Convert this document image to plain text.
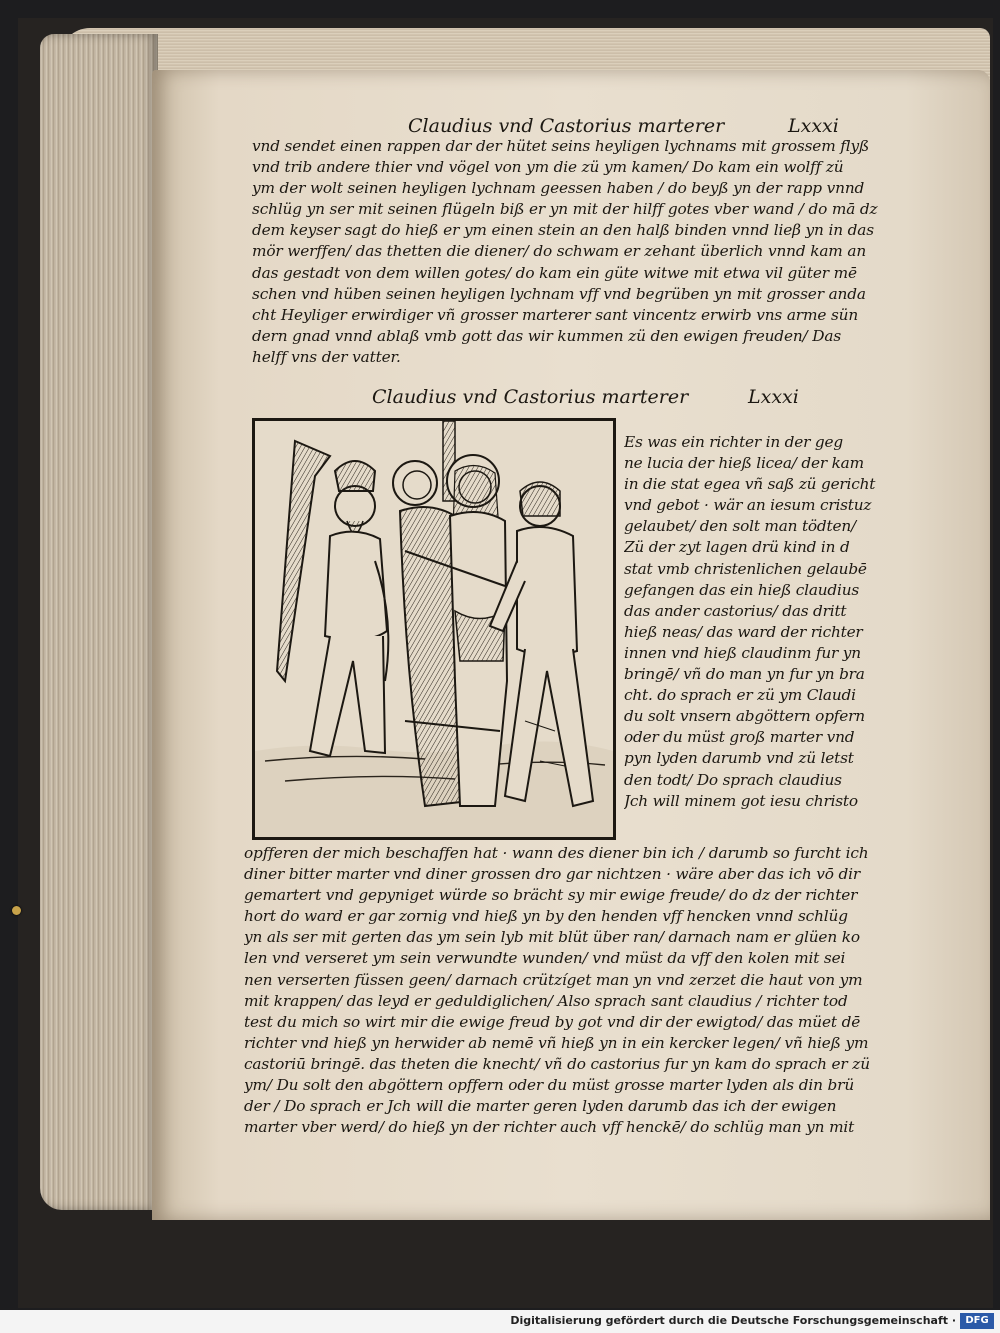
Claudius vnd Castorius marterer	Lxxxi
vnd sendet einen rappen dar der hütet seins heyligen lychnams mit grossem flyß
vnd trib andere thier vnd vögel von ym die zü ym kamen/ Do kam ein wolff zü
ym der wolt seinen heyligen lychnam geessen haben / do beyß yn der rapp vnnd
schlüg yn ser mit seinen flügeln biß er yn mit der hilff gotes vber wand / do mā dz
dem keyser sagt do hieß er ym einen stein an den halß binden vnnd lieβ yn in das
mör werffen/ das thetten die diener/ do schwam er zehant überlich vnnd kam an
das gestadt von dem willen gotes/ do kam ein güte witwe mit etwa vil güter mē
schen vnd hüben seinen heyligen lychnam vff vnd begrüben yn mit grosser anda
cht Heyliger erwirdiger vñ grosser marterer sant vincentz erwirb vns arme sün
dern gnad vnnd ablaß vmb gott das wir kummen zü den ewigen freuden/ Das
helff vns der vatter.
Claudius vnd Castorius marterer	Lxxxi
Es was ein richter in der geg
ne lucia der hieß licea/ der kam
in die stat egea vñ saß zü gericht
vnd gebot · wär an iesum cristuz
gelaubet/ den solt man tödten/
Zü der zyt lagen drü kind in d
stat vmb christenlichen gelaubē
gefangen das ein hieß claudius
das ander castorius/ das dritt
hieß neas/ das ward der richter
innen vnd hieß claudinm fur yn
bringē/ vñ do man yn fur yn bra
cht. do sprach er zü ym Claudi
du solt vnsern abgöttern opfern
oder du müst groß marter vnd
pyn lyden darumb vnd zü letst
den todt/ Do sprach claudius
Jch will minem got iesu christo
opfferen der mich beschaffen hat · wann des diener bin ich / darumb so furcht ich
diner bitter marter vnd diner grossen dro gar nichtzen · wäre aber das ich vō dir
gemartert vnd gepyniget würde so brächt sy mir ewige freude/ do dz der richter
hort do ward er gar zornig vnd hieß yn by den henden vff hencken vnnd schlüg
yn als ser mit gerten das ym sein lyb mit blüt über ran/ darnach nam er glüen ko
len vnd verseret ym sein verwundte wunden/ vnd müst da vff den kolen mit sei
nen verserten füssen geen/ darnach crützíget man yn vnd zerzet die haut von ym
mit krappen/ das leyd er geduldiglichen/ Also sprach sant claudius / richter tod
test du mich so wirt mir die ewige freud by got vnd dir der ewigtod/ das müet dē
richter vnd hieß yn herwider ab nemē vñ hieß yn in ein kercker legen/ vñ hieß ym
castoriū bringē. das theten die knecht/ vñ do castorius fur yn kam do sprach er zü
ym/ Du solt den abgöttern opffern oder du müst grosse marter lyden als din brü
der / Do sprach er Jch will die marter geren lyden darumb das ich der ewigen
marter vber werd/ do hieß yn der richter auch vff henckē/ do schlüg man yn mit
Digitalisierung gefördert durch die Deutsche Forschungsgemeinschaft · DFG
